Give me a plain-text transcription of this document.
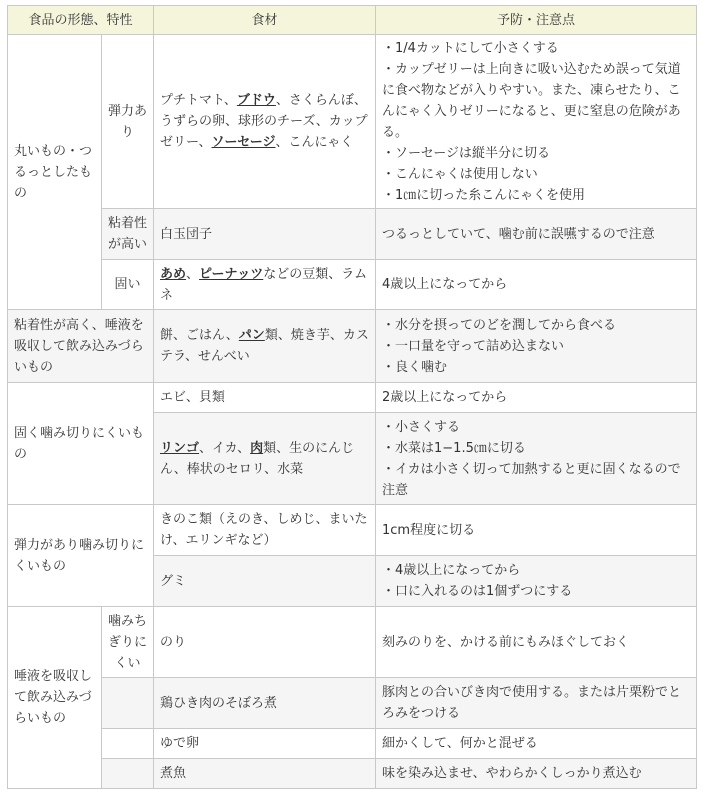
食品の形態、特性		食材	予防・注意点
丸いもの・つるっとしたもの	弾力あり	プチトマト、ブドウ、さくらんぼ、うずらの卵、球形のチーズ、カップゼリー、ソーセージ、こんにゃく	・1/4カットにして小さくする
・カップゼリーは上向きに吸い込むため誤って気道に食べ物などが入りやすい。また、凍らせたり、こんにゃく入りゼリーになると、更に窒息の危険がある。
・ソーセージは縦半分に切る
・こんにゃくは使用しない
・1㎝に切った糸こんにゃくを使用

	粘着性が高い	白玉団子	つるっとしていて、噛む前に誤嚥するので注意
	固い	あめ、ピーナッツなどの豆類、ラムネ	4歳以上になってから
粘着性が高く、唾液を吸収して飲み込みづらいもの		餅、ごはん、パン類、焼き芋、カステラ、せんべい	・水分を摂ってのどを潤してから食べる
・一口量を守って詰め込まない
・良く噛む

固く噛み切りにくいもの		エビ、貝類	2歳以上になってから
		リンゴ、イカ、肉類、生のにんじん、棒状のセロリ、水菜	・小さくする
・水菜は1−1.5㎝に切る
・イカは小さく切って加熱すると更に固くなるので注意

弾力があり噛み切りにくいもの		きのこ類（えのき、しめじ、まいたけ、エリンギなど）	1cm程度に切る
		グミ	・4歳以上になってから
・口に入れるのは1個ずつにする

唾液を吸収して飲み込みづらいもの	噛みちぎりにくい	のり	刻みのりを、かける前にもみほぐしておく
		鶏ひき肉のそぼろ煮	豚肉との合いびき肉で使用する。または片栗粉でとろみをつける
		ゆで卵	細かくして、何かと混ぜる
		煮魚	味を染み込ませ、やわらかくしっかり煮込む
